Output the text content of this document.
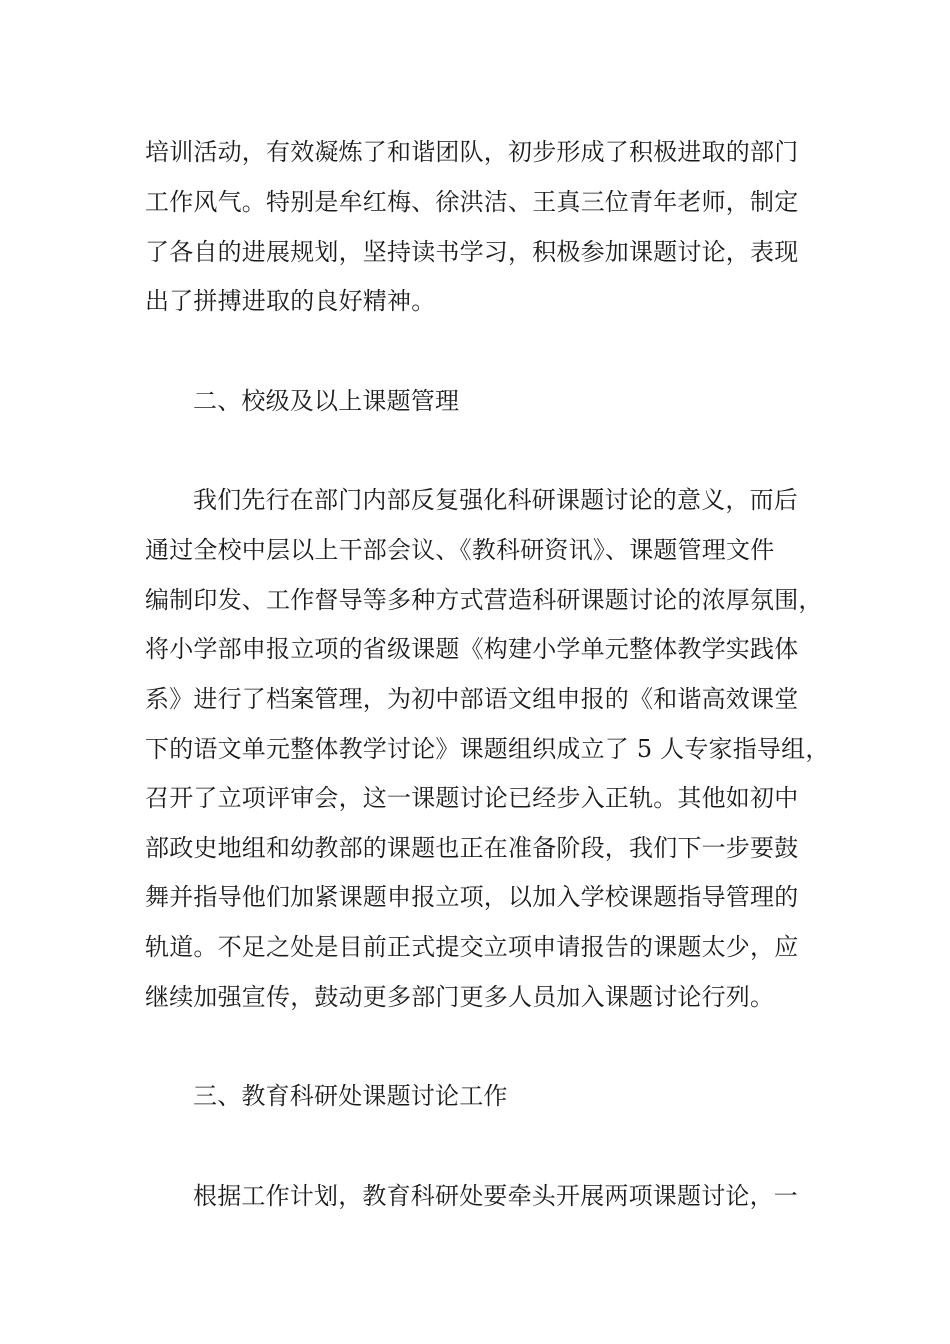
培训活动，有效凝炼了和谐团队，初步形成了积极进取的部门
工作风气。特别是牟红梅、徐洪洁、王真三位青年老师，制定
了各自的进展规划，坚持读书学习，积极参加课题讨论，表现
出了拼搏进取的良好精神。
二、校级及以上课题管理
我们先行在部门内部反复强化科研课题讨论的意义，而后
通过全校中层以上干部会议、《教科研资讯》、课题管理文件
编制印发、工作督导等多种方式营造科研课题讨论的浓厚氛围，
将小学部申报立项的省级课题《构建小学单元整体教学实践体
系》进行了档案管理，为初中部语文组申报的《和谐高效课堂
下的语文单元整体教学讨论》课题组织成立了 5 人专家指导组，
召开了立项评审会，这一课题讨论已经步入正轨。其他如初中
部政史地组和幼教部的课题也正在准备阶段，我们下一步要鼓
舞并指导他们加紧课题申报立项，以加入学校课题指导管理的
轨道。不足之处是目前正式提交立项申请报告的课题太少，应
继续加强宣传，鼓动更多部门更多人员加入课题讨论行列。
三、教育科研处课题讨论工作
根据工作计划，教育科研处要牵头开展两项课题讨论，一
